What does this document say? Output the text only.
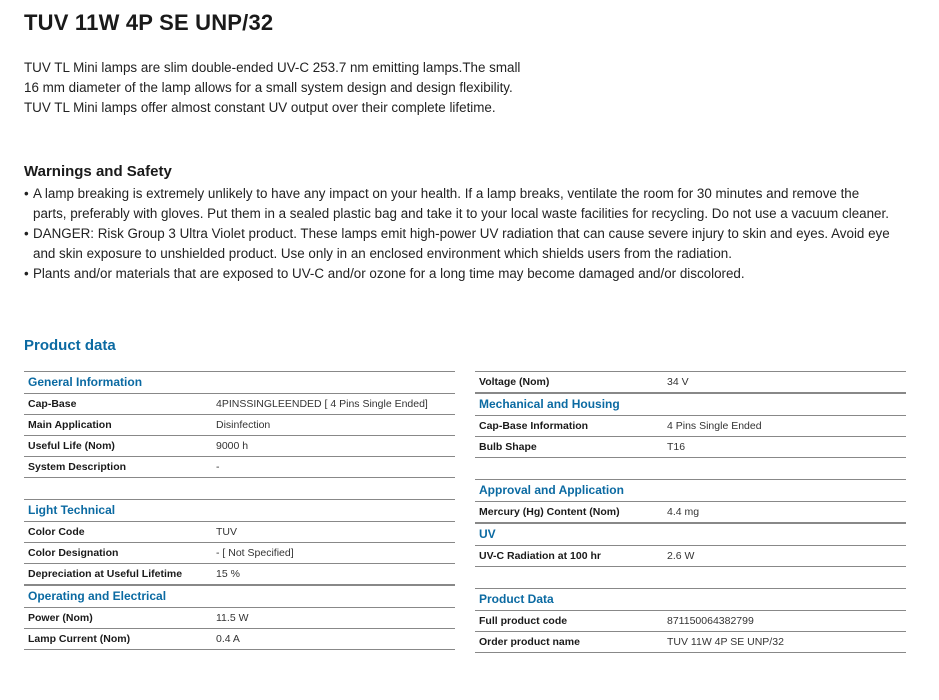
TUV 11W 4P SE UNP/32
TUV TL Mini lamps are slim double-ended UV-C 253.7 nm emitting lamps.The small
16 mm diameter of the lamp allows for a small system design and design flexibility.
TUV TL Mini lamps offer almost constant UV output over their complete lifetime.
Warnings and Safety
• A lamp breaking is extremely unlikely to have any impact on your health. If a lamp breaks, ventilate the room for 30 minutes and remove the parts, preferably with gloves. Put them in a sealed plastic bag and take it to your local waste facilities for recycling. Do not use a vacuum cleaner.
• DANGER: Risk Group 3 Ultra Violet product. These lamps emit high-power UV radiation that can cause severe injury to skin and eyes. Avoid eye and skin exposure to unshielded product. Use only in an enclosed environment which shields users from the radiation.
• Plants and/or materials that are exposed to UV-C and/or ozone for a long time may become damaged and/or discolored.
Product data
General Information
Cap-Base	4PINSSINGLEENDED [ 4 Pins Single Ended]
Main Application	Disinfection
Useful Life (Nom)	9000 h
System Description	-
Light Technical
Color Code	TUV
Color Designation	- [ Not Specified]
Depreciation at Useful Lifetime	15 %
Operating and Electrical
Power (Nom)	11.5 W
Lamp Current (Nom)	0.4 A
Voltage (Nom)	34 V
Mechanical and Housing
Cap-Base Information	4 Pins Single Ended
Bulb Shape	T16
Approval and Application
Mercury (Hg) Content (Nom)	4.4 mg
UV
UV-C Radiation at 100 hr	2.6 W
Product Data
Full product code	871150064382799
Order product name	TUV 11W 4P SE UNP/32
